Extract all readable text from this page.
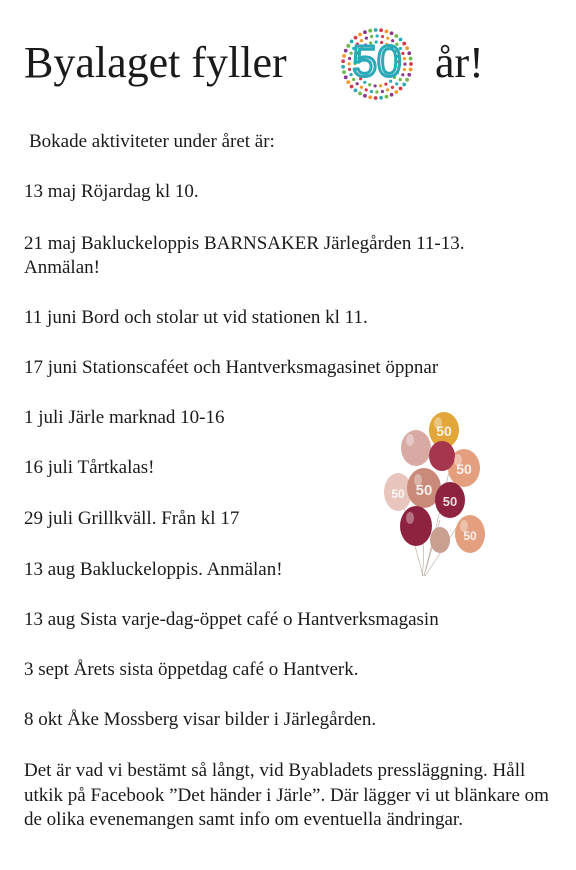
Byalaget fyller 50 år!
Bokade aktiviteter under året är:
13 maj Röjardag kl 10.
21 maj Bakluckeloppis BARNSAKER Järlegården 11-13. Anmälan!
11 juni Bord och stolar ut vid stationen kl 11.
17 juni Stationscaféet och Hantverksmagasinet öppnar
1 juli Järle marknad 10-16
16 juli Tårtkalas!
29 juli Grillkväll. Från kl 17
13 aug Bakluckeloppis. Anmälan!
13 aug Sista varje-dag-öppet café o Hantverksmagasin
3 sept Årets sista öppetdag café o Hantverk.
8 okt Åke Mossberg visar bilder i Järlegården.
Det är vad vi bestämt så långt, vid Byabladets pressläggning. Håll utkik på Facebook ”Det händer i Järle”. Där lägger vi ut blänkare om de olika evenemangen samt info om eventuella ändringar.
50
50
50
50	50
50
